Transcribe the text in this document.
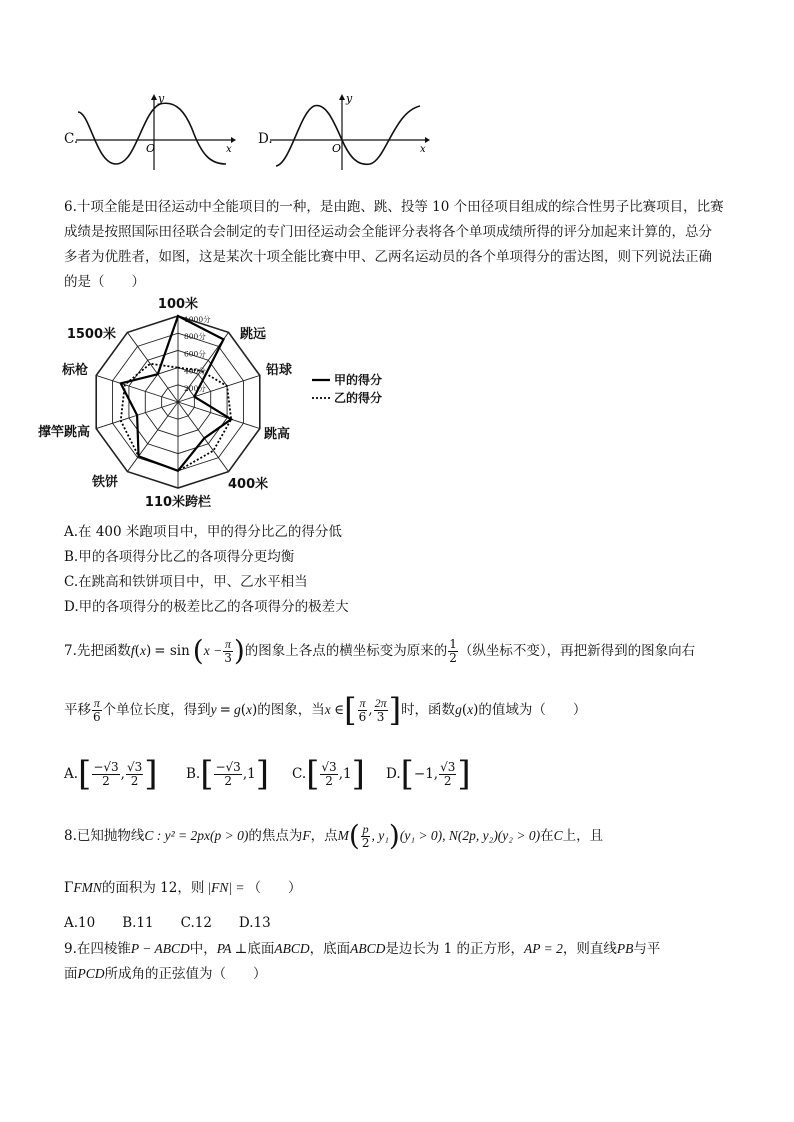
C.
y
x
O
D.
y
x
O
6.十项全能是田径运动中全能项目的一种，是由跑、跳、投等 10 个田径项目组成的综合性男子比赛项目，比赛
成绩是按照国际田径联合会制定的专门田径运动会全能评分表将各个单项成绩所得的评分加起来计算的，总分
多者为优胜者，如图，这是某次十项全能比赛中甲、乙两名运动员的各个单项得分的雷达图，则下列说法正确
的是（　　）
200分
400分
600分
800分
1000分
100米
跳远
铅球
跳高
400米
110米跨栏
铁饼
撑竿跳高
标枪
1500米
甲的得分
乙的得分
A.在 400 米跑项目中，甲的得分比乙的得分低
B.甲的各项得分比乙的各项得分更均衡
C.在跳高和铁饼项目中，甲、乙水平相当
D.甲的各项得分的极差比乙的各项得分的极差大
7.先把函数 f ( x ) = sin ( $x - \frac{\pi}{3}$ ) 的图象上各点的横坐标变为原来的 $\frac{1}{2}$ （纵坐标不变），再把新得到的图象向右
平移 $\frac{\pi}{6}$ 个单位长度，得到 y = g ( x ) 的图象，当 x ∈ [ $\frac{\pi}{6}$ , $\frac{2\pi}{3}$ ] 时，函数 g ( x ) 的值域为（　　）
A. [ $\frac{-√3}{2}$ , $\frac{√3}{2}$ ] B. [ $\frac{-√3}{2} ,1$ ] C. [ $\frac{√3}{2} ,1$ ] D. [ −1, $\frac{√3}{2}$ ]
8.已知抛物线 C : y² = 2px(p > 0) 的焦点为 F ，点 M ( $\frac{p}{2}$ , y₁ ) (y₁ > 0), N(2p, y₂)(y₂ > 0) 在 C 上，且
ΓFMN的面积为 12，则 |FN| = （　　）
A.10　　B.11　　C.12　　D.13
9.在四棱锥P − ABCD中，PA ⊥底面ABCD，底面ABCD是边长为 1 的正方形，AP = 2，则直线PB与平
面PCD所成角的正弦值为（　　）
